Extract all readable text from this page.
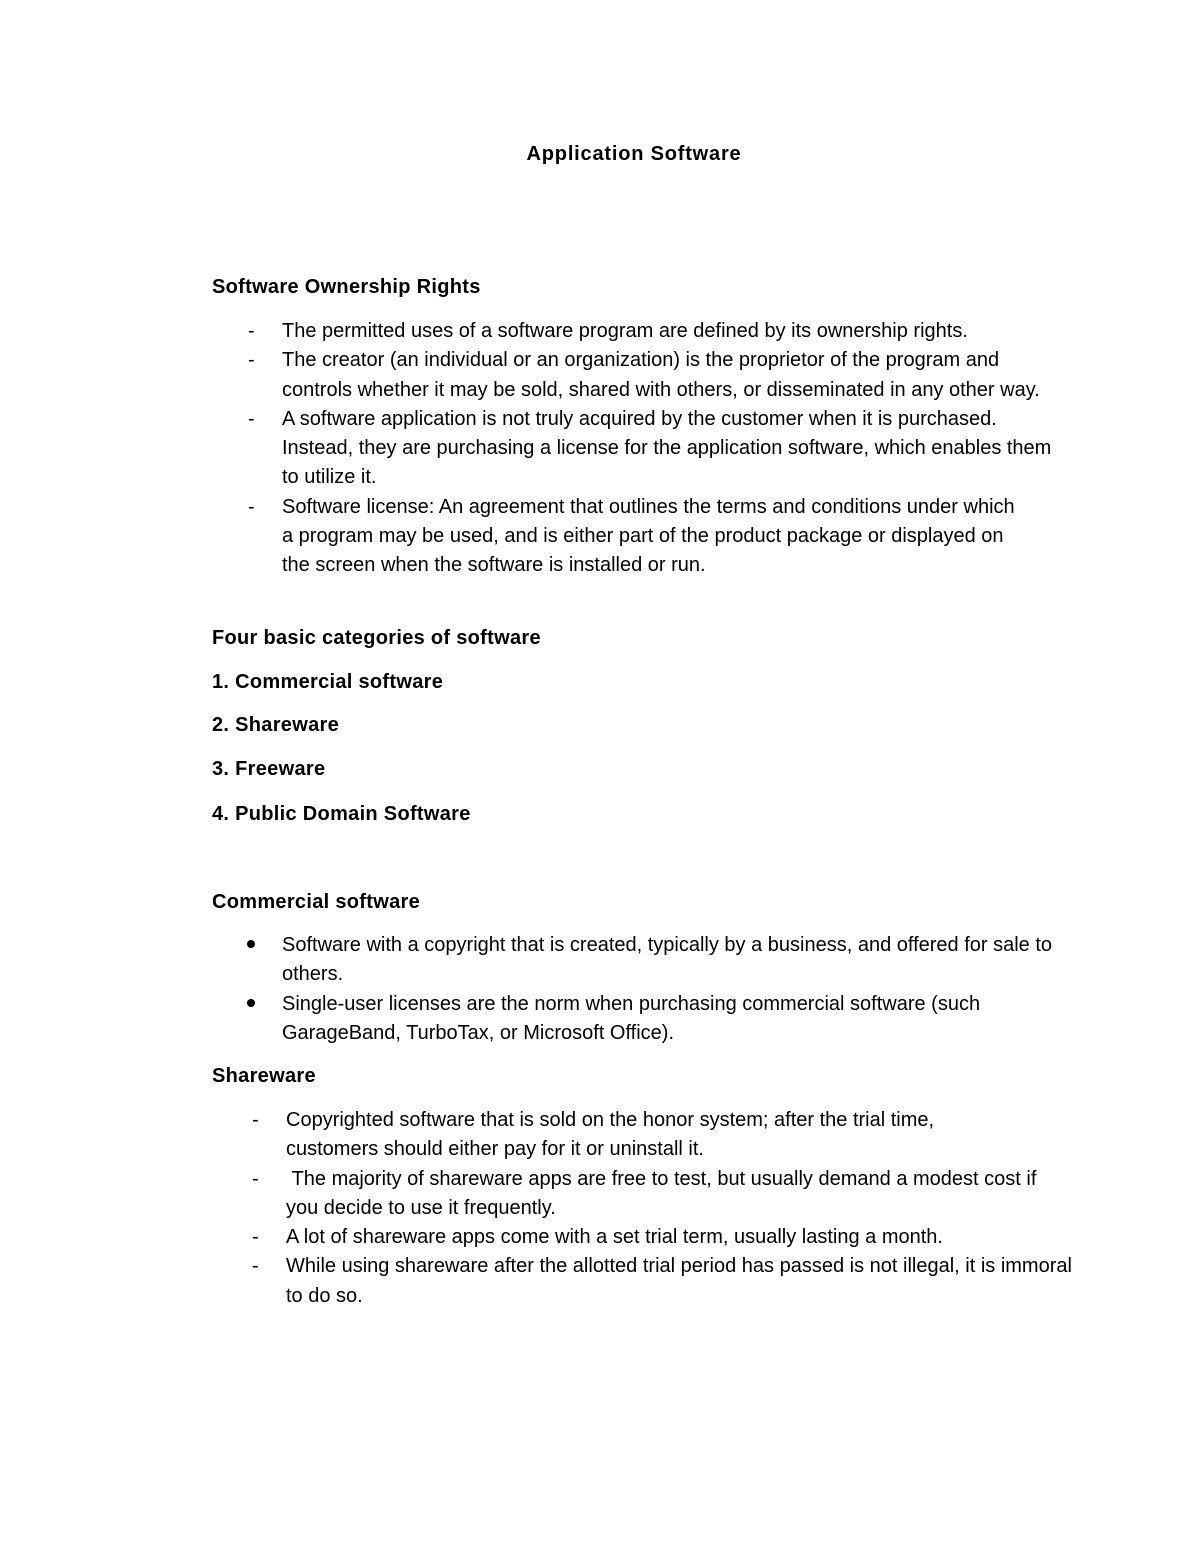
Application Software
Software Ownership Rights
- The permitted uses of a software program are defined by its ownership rights.
- The creator (an individual or an organization) is the proprietor of the program and controls whether it may be sold, shared with others, or disseminated in any other way.
- A software application is not truly acquired by the customer when it is purchased. Instead, they are purchasing a license for the application software, which enables them to utilize it.
- Software license: An agreement that outlines the terms and conditions under which a program may be used, and is either part of the product package or displayed on the screen when the software is installed or run.
Four basic categories of software
1. Commercial software
2. Shareware
3. Freeware
4. Public Domain Software
Commercial software
Software with a copyright that is created, typically by a business, and offered for sale to others.
Single-user licenses are the norm when purchasing commercial software (such GarageBand, TurboTax, or Microsoft Office).
Shareware
- Copyrighted software that is sold on the honor system; after the trial time, customers should either pay for it or uninstall it.
- The majority of shareware apps are free to test, but usually demand a modest cost if you decide to use it frequently.
- A lot of shareware apps come with a set trial term, usually lasting a month.
- While using shareware after the allotted trial period has passed is not illegal, it is immoral to do so.
